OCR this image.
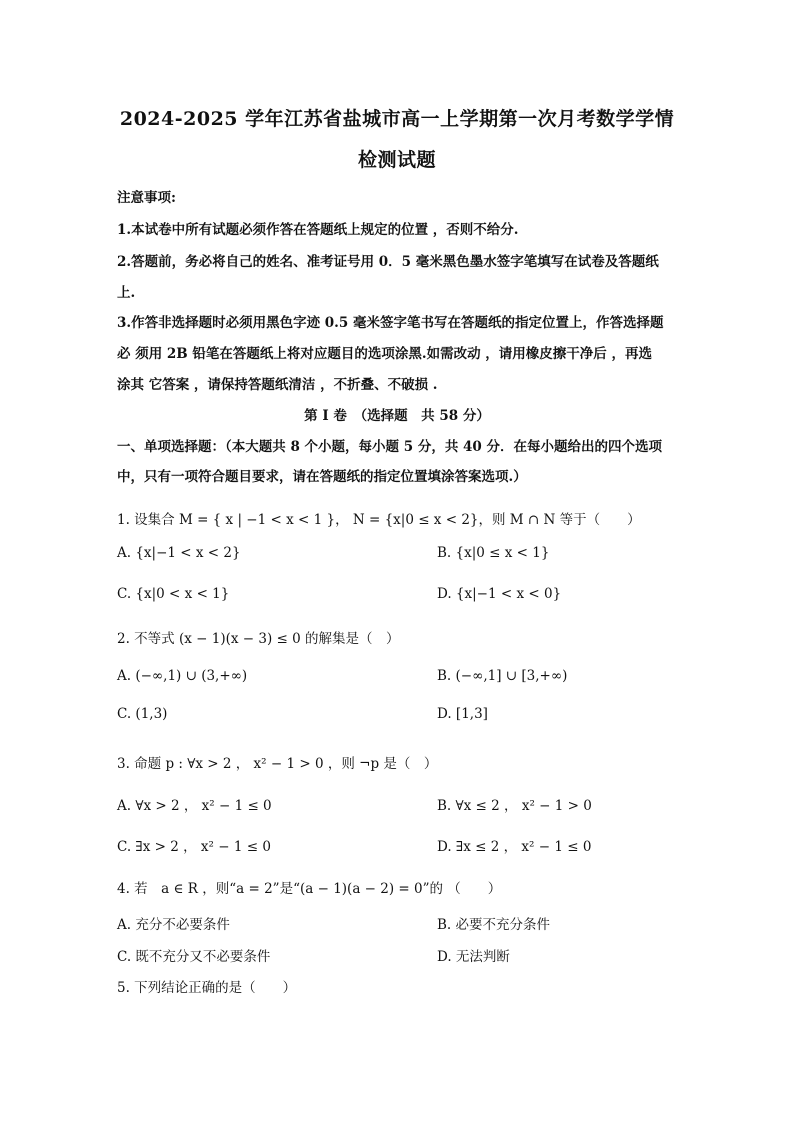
2024-2025 学年江苏省盐城市高一上学期第一次月考数学学情
检测试题
注意事项:
1.本试卷中所有试题必须作答在答题纸上规定的位置 ，否则不给分.
2.答题前，务必将自己的姓名、准考证号用 0．5 毫米黑色墨水签字笔填写在试卷及答题纸
上.
3.作答非选择题时必须用黑色字迹 0.5 毫米签字笔书写在答题纸的指定位置上，作答选择题
必 须用 2B 铅笔在答题纸上将对应题目的选项涂黑.如需改动 ，请用橡皮擦干净后 ，再选
涂其 它答案 ，请保持答题纸清洁 ，不折叠、不破损 .
第 I 卷　（选择题　共 58 分）
一、单项选择题：（本大题共 8 个小题，每小题 5 分，共 40 分．在每小题给出的四个选项
中，只有一项符合题目要求，请在答题纸的指定位置填涂答案选项.）
1. 设集合 M = { x | −1 < x < 1 }， N = {x|0 ≤ x < 2}，则 M ∩ N 等于（　　）
A. {x|−1 < x < 2}	B. {x|0 ≤ x < 1}
C. {x|0 < x < 1}	D. {x|−1 < x < 0}
2. 不等式 (x − 1)(x − 3) ≤ 0 的解集是（　）
A. (−∞,1) ∪ (3,+∞)	B. (−∞,1] ∪ [3,+∞)
C. (1,3)	D. [1,3]
3. 命题 p : ∀x > 2 ， x² − 1 > 0 ，则 ¬p 是（　）
A. ∀x > 2 ， x² − 1 ≤ 0	B. ∀x ≤ 2 ， x² − 1 > 0
C. ∃x > 2 ， x² − 1 ≤ 0	D. ∃x ≤ 2 ， x² − 1 ≤ 0
4. 若　a ∈ R ，则“a = 2”是“(a − 1)(a − 2) = 0”的 （　　）
A. 充分不必要条件	B. 必要不充分条件
C. 既不充分又不必要条件	D. 无法判断
5. 下列结论正确的是（　　）
